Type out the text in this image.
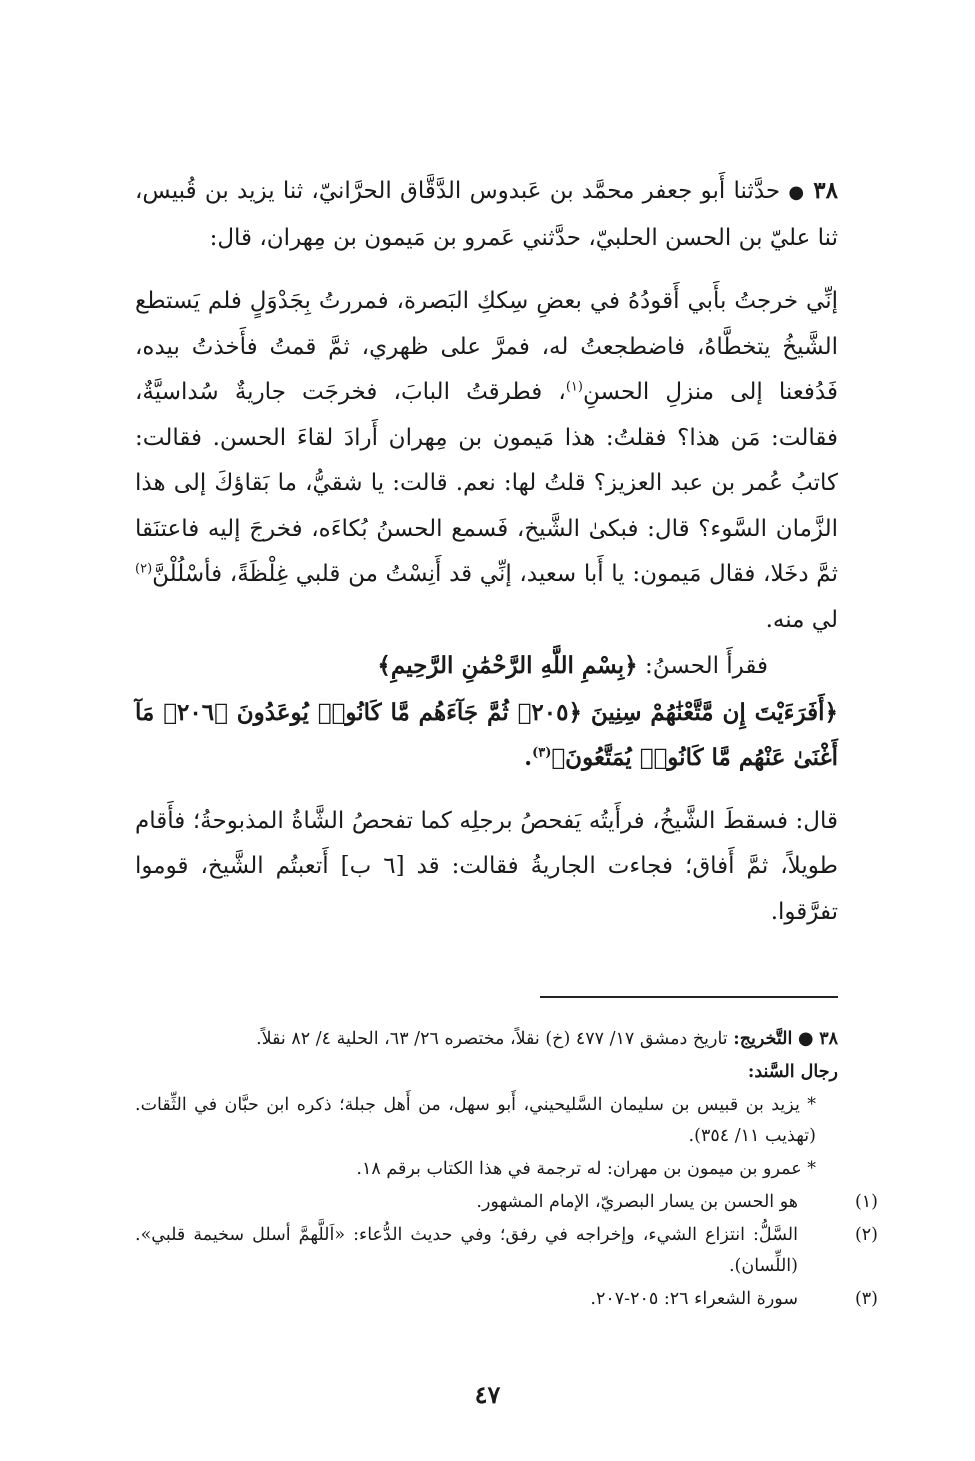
٣٨ ● حدَّثنا أَبو جعفر محمَّد بن عَبدوس الدَّقَّاق الحرَّانيّ، ثنا يزيد بن قُبيس، ثنا عليّ بن الحسن الحلبيّ، حدَّثني عَمرو بن مَيمون بن مِهران، قال:

إنِّي خرجتُ بأَبي أَقودُهُ في بعضِ سِككِ البَصرة، فمررتُ بِجَدْوَلٍ فلم يَستطع الشَّيخُ يتخطَّاهُ، فاضطجعتُ له، فمرَّ على ظهري، ثمَّ قمتُ فأَخذتُ بيده، فَدُفعنا إلى منزلِ الحسنِ$^{(١)}$، فطرقتُ البابَ، فخرجَت جاريةٌ سُداسيَّةٌ، فقالت: مَن هذا؟ فقلتُ: هذا مَيمون بن مِهران أَرادَ لقاءَ الحسن. فقالت: كاتبُ عُمر بن عبد العزيز؟ قلتُ لها: نعم. قالت: يا شقيُّ، ما بَقاؤكَ إلى هذا الزَّمان السَّوء؟ قال: فبكىٰ الشَّيخ، فَسمع الحسنُ بُكاءَه، فخرجَ إليه فاعتنَقا ثمَّ دخَلا، فقال مَيمون: يا أَبا سعيد، إنِّي قد أَنِسْتُ من قلبي غِلْظَةً، فأسْلُلْنَّ$^{(٢)}$ لي منه.

فقرأَ الحسنُ: ﴿بِسْمِ اللَّهِ الرَّحْمَٰنِ الرَّحِيمِ﴾

﴿أَفَرَءَيْتَ إِن مَّتَّعْنَٰهُمْ سِنِينَ ﴿٢٠٥﴾ ثُمَّ جَآءَهُم مَّا كَانُوا۟ يُوعَدُونَ ﴿٢٠٦﴾ مَآ أَغْنَىٰ عَنْهُم مَّا كَانُوا۟ يُمَتَّعُونَ﴾$^{(٣)}$.

قال: فسقطَ الشَّيخُ، فرأَيتُه يَفحصُ برجلِه كما تفحصُ الشَّاةُ المذبوحةُ؛ فأَقام طويلاً، ثمَّ أَفاق؛ فجاءت الجاريةُ فقالت: قد [٦ ب] أَتعبتُم الشَّيخ، قوموا تفرَّقوا.

٣٨ ● التَّخريج: تاريخ دمشق ١٧/ ٤٧٧ (خ) نقلاً، مختصره ٢٦/ ٦٣، الحلية ٤/ ٨٢ نقلاً.

رجال السَّند:

* يزيد بن قبيس بن سليمان السَّليحيني، أَبو سهل، من أَهل جبلة؛ ذكره ابن حبَّان في الثِّقات. (تهذيب ١١/ ٣٥٤).

* عمرو بن ميمون بن مهران: له ترجمة في هذا الكتاب برقم ١٨.

(١)هو الحسن بن يسار البصريّ، الإمام المشهور.

(٢)السَّلُّ: انتزاع الشيء، وإخراجه في رفق؛ وفي حديث الدُّعاء: «اَللَّهمَّ أسلل سخيمة قلبي». (اللِّسان).

(٣)سورة الشعراء ٢٦: ٢٠٥-٢٠٧.

٤٧
